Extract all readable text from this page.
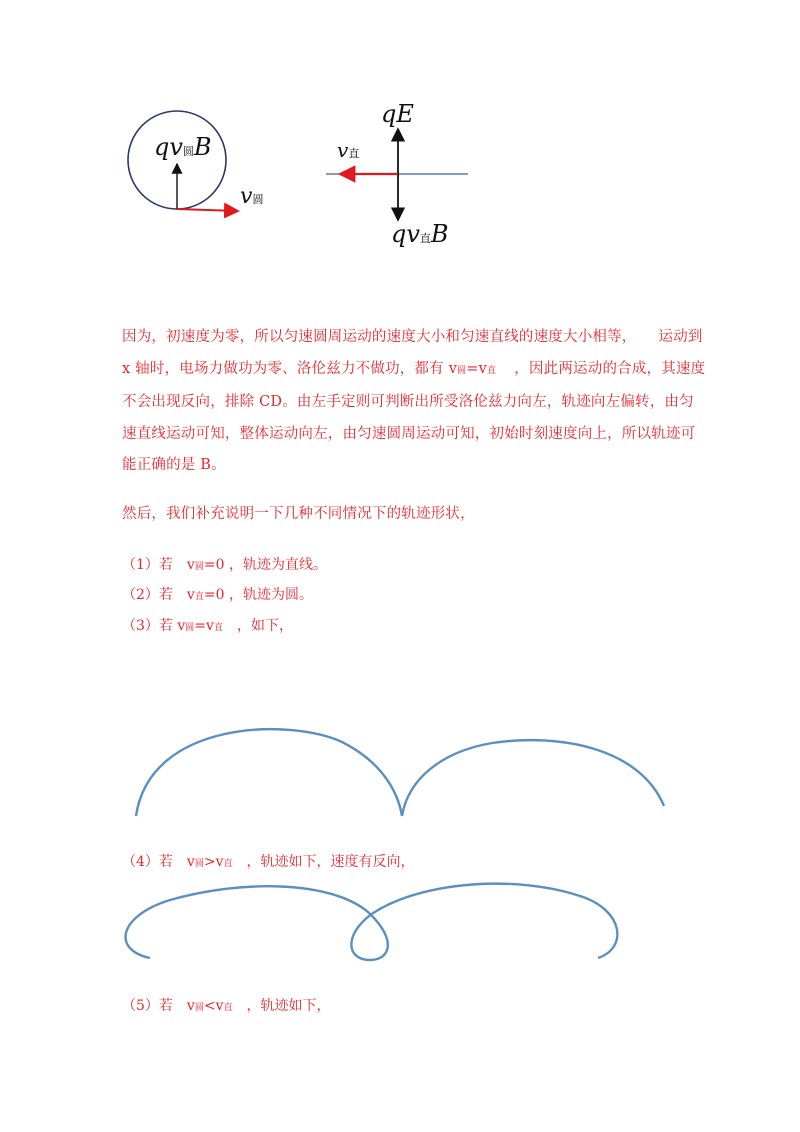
qv圆B
v圆
qE
v直
qv直B
因为，初速度为零，所以匀速圆周运动的速度大小和匀速直线的速度大小相等， 运动到
x 轴时，电场力做功为零、洛伦兹力不做功，都有 v圆=v直 ，因此两运动的合成，其速度
不会出现反向，排除 CD。由左手定则可判断出所受洛伦兹力向左，轨迹向左偏转，由匀
速直线运动可知，整体运动向左，由匀速圆周运动可知，初始时刻速度向上，所以轨迹可
能正确的是 B。
然后，我们补充说明一下几种不同情况下的轨迹形状，
（1）若 v圆=0 ，轨迹为直线。
（2）若 v直=0 ，轨迹为圆。
（3）若 v圆=v直 ，如下，
（4）若 v圆>v直 ，轨迹如下，速度有反向，
（5）若 v圆<v直 ，轨迹如下，
